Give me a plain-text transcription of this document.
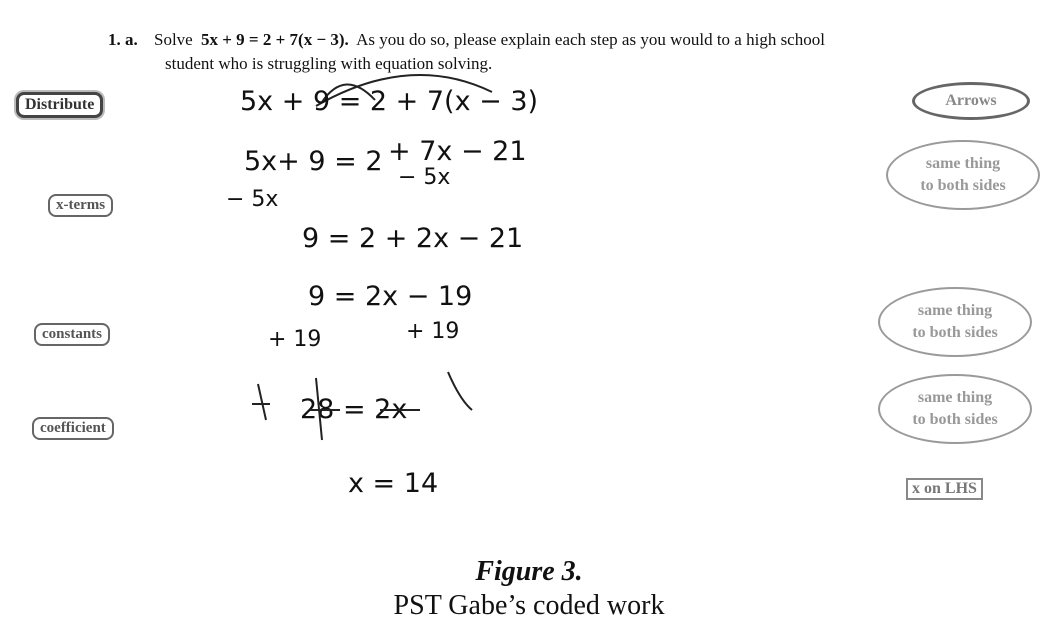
1. a. Solve 5x + 9 = 2 + 7(x − 3). As you do so, please explain each step as you would to a high school
student who is struggling with equation solving.
Distribute
x-terms
constants
coefficient
Arrows
same thing
to both sides
same thing
to both sides
same thing
to both sides
x on LHS
5x + 9 = 2 + 7(x − 3)
5x+ 9 = 2 + 7x − 21
− 5x
− 5x
9 = 2 + 2x − 21
9 = 2x − 19
+ 19	+ 19
28 = 2x
x = 14
Figure 3.
PST Gabe’s coded work
